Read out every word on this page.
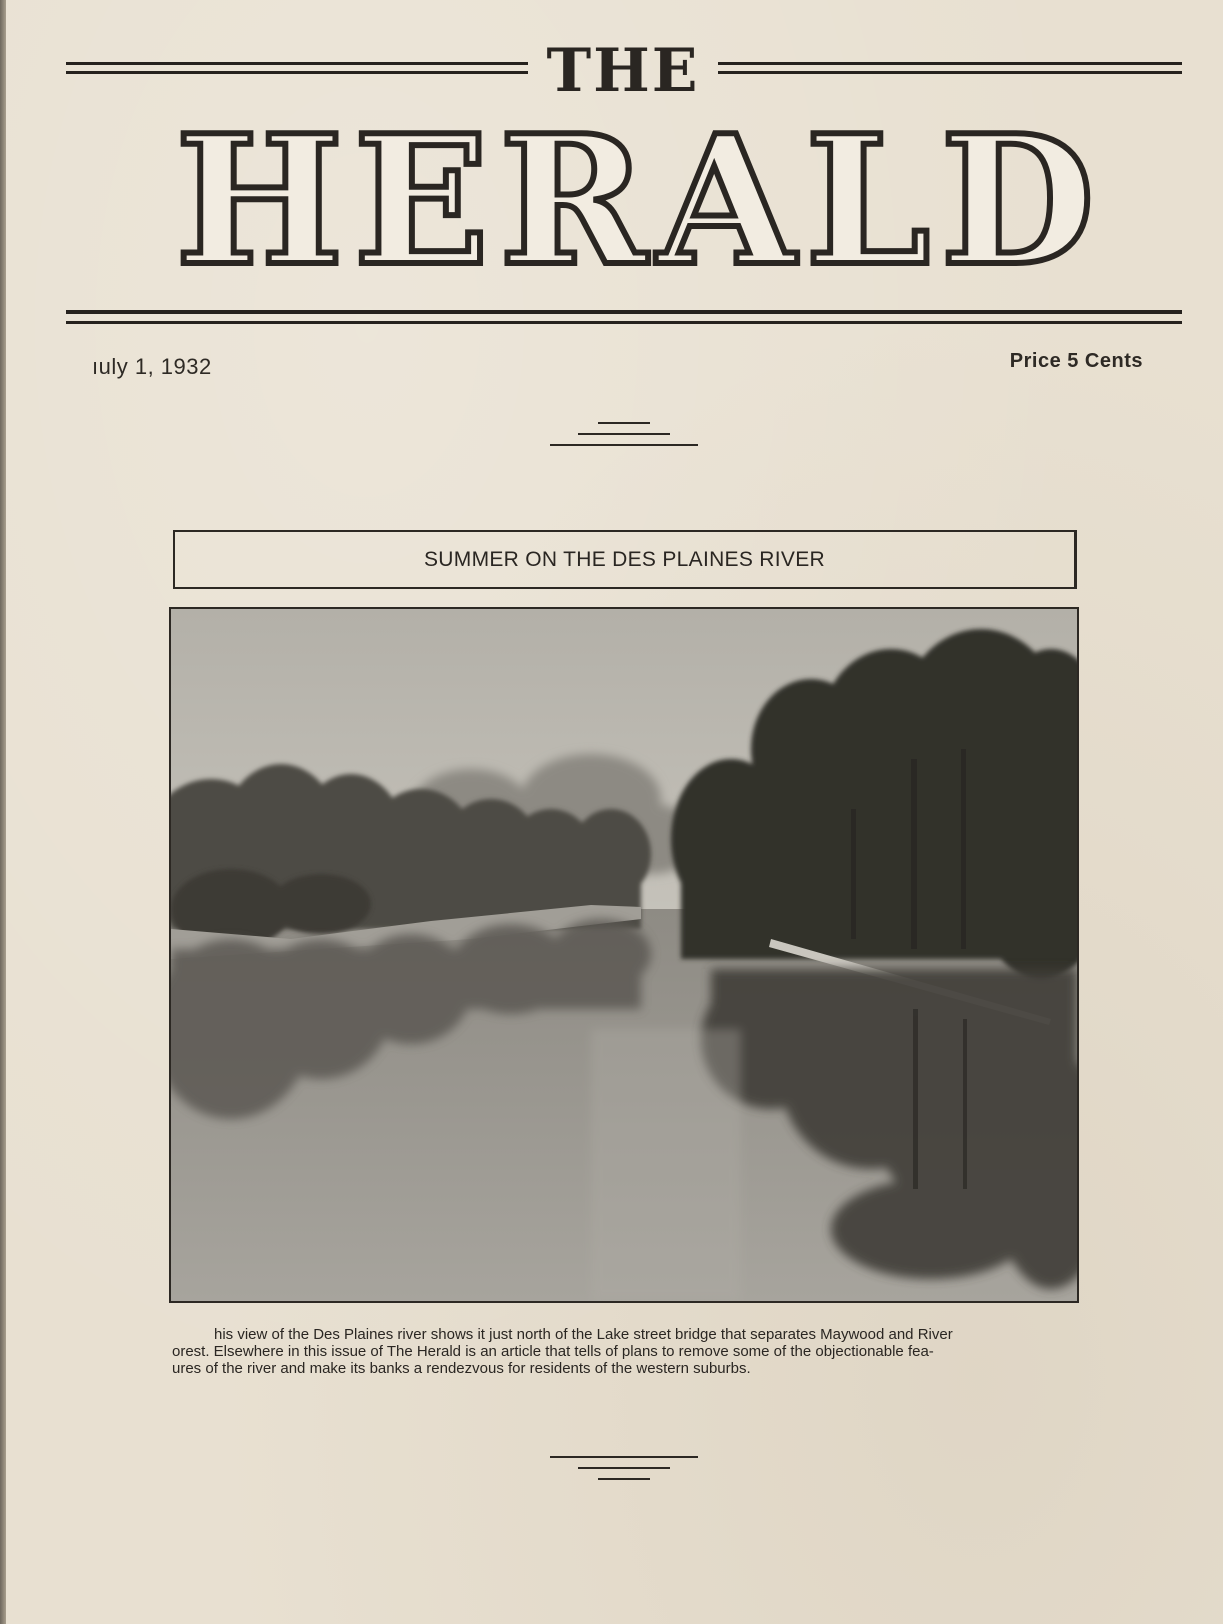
THE
HERALD
ıuly 1, 1932	Price 5 Cents
SUMMER ON THE DES PLAINES RIVER
his view of the Des Plaines river shows it just north of the Lake street bridge that separates Maywood and River
orest. Elsewhere in this issue of The Herald is an article that tells of plans to remove some of the objectionable fea-
ures of the river and make its banks a rendezvous for residents of the western suburbs.
